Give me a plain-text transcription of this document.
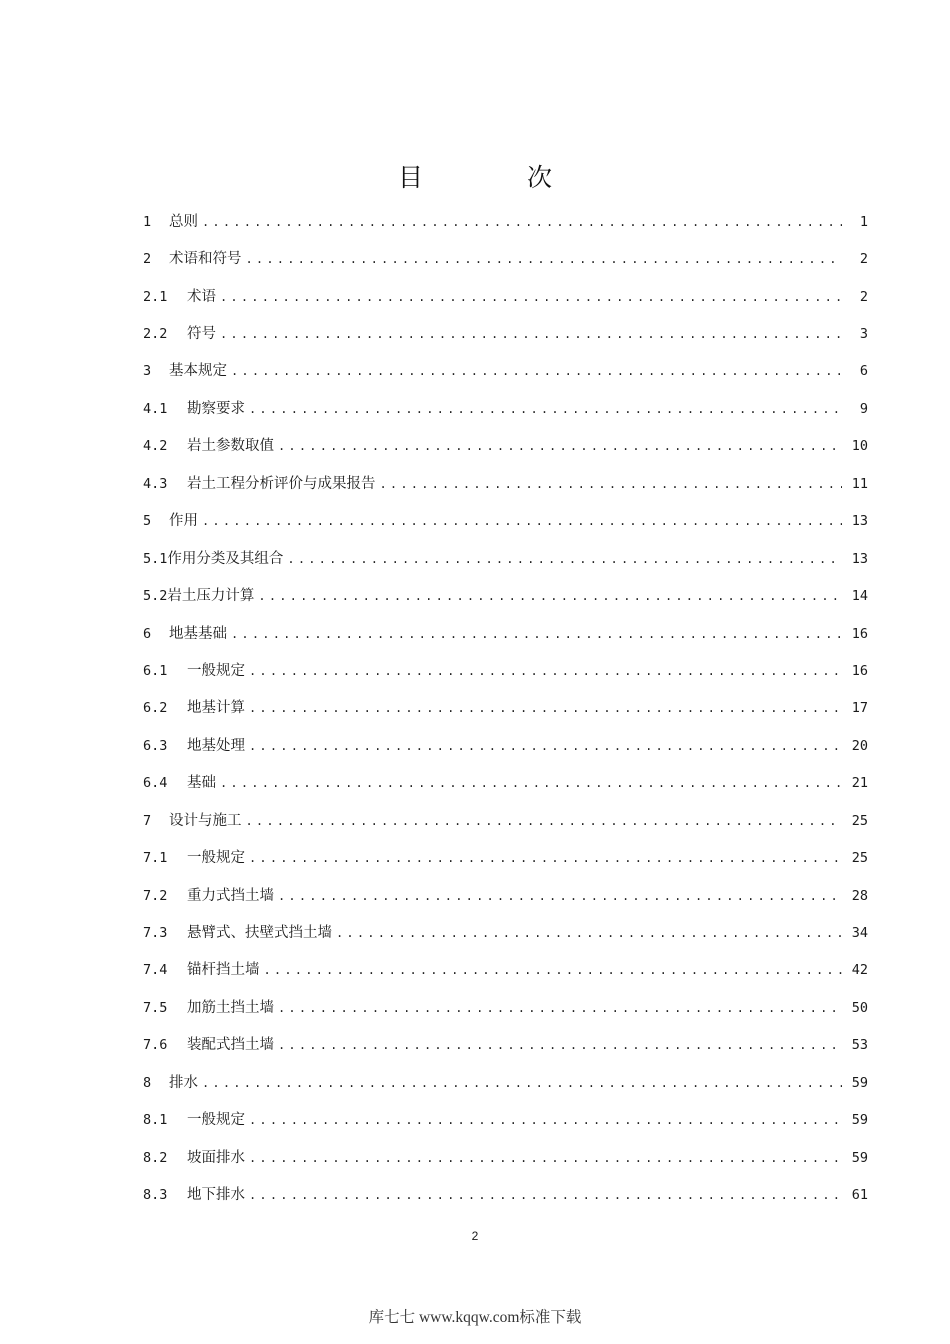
目 次
1	总则 .....	1
2	术语和符号 .....	2
2.1	术语 .....	2
2.2	符号 .....	3
3	基本规定 .....	6
4.1	勘察要求 .....	9
4.2	岩土参数取值 .....	10
4.3	岩土工程分析评价与成果报告 .....	11
5	作用 .....	13
5.1 作用分类及其组合 .....	13
5.2 岩土压力计算 .....	14
6	地基基础 .....	16
6.1	一般规定 .....	16
6.2	地基计算 .....	17
6.3	地基处理 .....	20
6.4	基础 .....	21
7	设计与施工 .....	25
7.1	一般规定 .....	25
7.2	重力式挡土墙 .....	28
7.3	悬臂式、扶壁式挡土墙 .....	34
7.4	锚杆挡土墙 .....	42
7.5	加筋土挡土墙 .....	50
7.6	装配式挡土墙 .....	53
8	排水 .....	59
8.1	一般规定 .....	59
8.2	坡面排水 .....	59
8.3	地下排水 .....	61
2
库七七 www.kqqw.com标准下载
